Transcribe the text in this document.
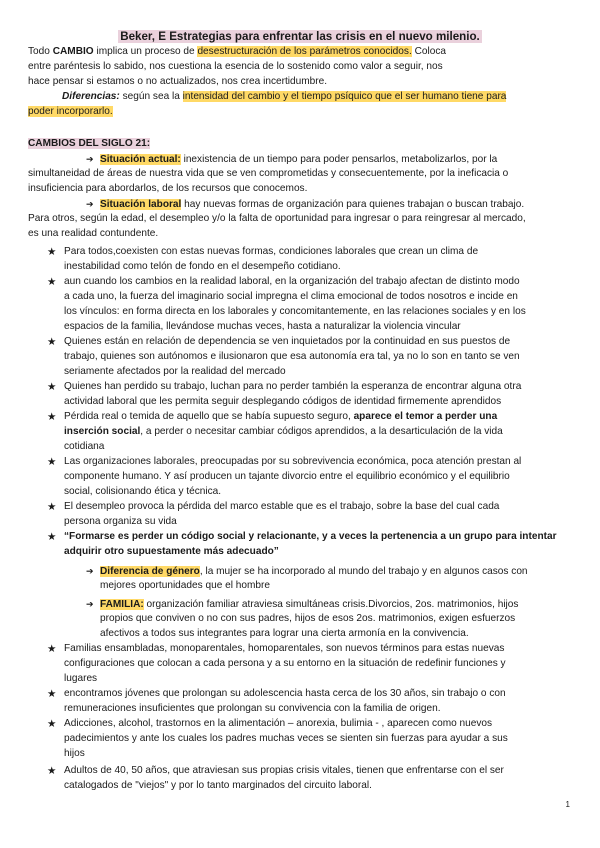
Beker, E Estrategias para enfrentar las crisis en el nuevo milenio.
Todo CAMBIO implica un proceso de desestructuración de los parámetros conocidos. Coloca
entre paréntesis lo sabido, nos cuestiona la esencia de lo sostenido como valor a seguir, nos
hace pensar si estamos o no actualizados, nos crea incertidumbre.
Diferencias: según sea la intensidad del cambio y el tiempo psíquico que el ser humano tiene para
poder incorporarlo.
CAMBIOS DEL SIGLO 21:
➔ Situación actual: inexistencia de un tiempo para poder pensarlos, metabolizarlos, por la
simultaneidad de áreas de nuestra vida que se ven comprometidas y consecuentemente, por la ineficacia o
insuficiencia para abordarlos, de los recursos que conocemos.
➔ Situación laboral hay nuevas formas de organización para quienes trabajan o buscan trabajo.
Para otros, según la edad, el desempleo y/o la falta de oportunidad para ingresar o para reingresar al mercado,
es una realidad contundente.
★ Para todos,coexisten con estas nuevas formas, condiciones laborales que crean un clima de
inestabilidad como telón de fondo en el desempeño cotidiano.
★ aun cuando los cambios en la realidad laboral, en la organización del trabajo afectan de distinto modo
a cada uno, la fuerza del imaginario social impregna el clima emocional de todos nosotros e incide en
los vínculos: en forma directa en los laborales y concomitantemente, en las relaciones sociales y en los
espacios de la familia, llevándose muchas veces, hasta a naturalizar la violencia vincular
★ Quienes están en relación de dependencia se ven inquietados por la continuidad en sus puestos de
trabajo, quienes son autónomos e ilusionaron que esa autonomía era tal, ya no lo son en tanto se ven
seriamente afectados por la realidad del mercado
★ Quienes han perdido su trabajo, luchan para no perder también la esperanza de encontrar alguna otra
actividad laboral que les permita seguir desplegando códigos de identidad firmemente aprendidos
★ Pérdida real o temida de aquello que se había supuesto seguro, aparece el temor a perder una
inserción social, a perder o necesitar cambiar códigos aprendidos, a la desarticulación de la vida
cotidiana
★ Las organizaciones laborales, preocupadas por su sobrevivencia económica, poca atención prestan al
componente humano. Y así producen un tajante divorcio entre el equilibrio económico y el equilibrio
social, colisionando ética y técnica.
★ El desempleo provoca la pérdida del marco estable que es el trabajo, sobre la base del cual cada
persona organiza su vida
★ “Formarse es perder un código social y relacionante, y a veces la pertenencia a un grupo para intentar
adquirir otro supuestamente más adecuado”
➔ Diferencia de género, la mujer se ha incorporado al mundo del trabajo y en algunos casos con
mejores oportunidades que el hombre
➔ FAMILIA: organización familiar atraviesa simultáneas crisis.Divorcios, 2os. matrimonios, hijos
propios que conviven o no con sus padres, hijos de esos 2os. matrimonios, exigen esfuerzos
afectivos a todos sus integrantes para lograr una cierta armonía en la convivencia.
★ Familias ensambladas, monoparentales, homoparentales, son nuevos términos para estas nuevas
configuraciones que colocan a cada persona y a su entorno en la situación de redefinir funciones y
lugares
★ encontramos jóvenes que prolongan su adolescencia hasta cerca de los 30 años, sin trabajo o con
remuneraciones insuficientes que prolongan su convivencia con la familia de origen.
★ Adicciones, alcohol, trastornos en la alimentación – anorexia, bulimia - , aparecen como nuevos
padecimientos y ante los cuales los padres muchas veces se sienten sin fuerzas para ayudar a sus
hijos
★ Adultos de 40, 50 años, que atraviesan sus propias crisis vitales, tienen que enfrentarse con el ser
catalogados de "viejos" y por lo tanto marginados del circuito laboral.
1
